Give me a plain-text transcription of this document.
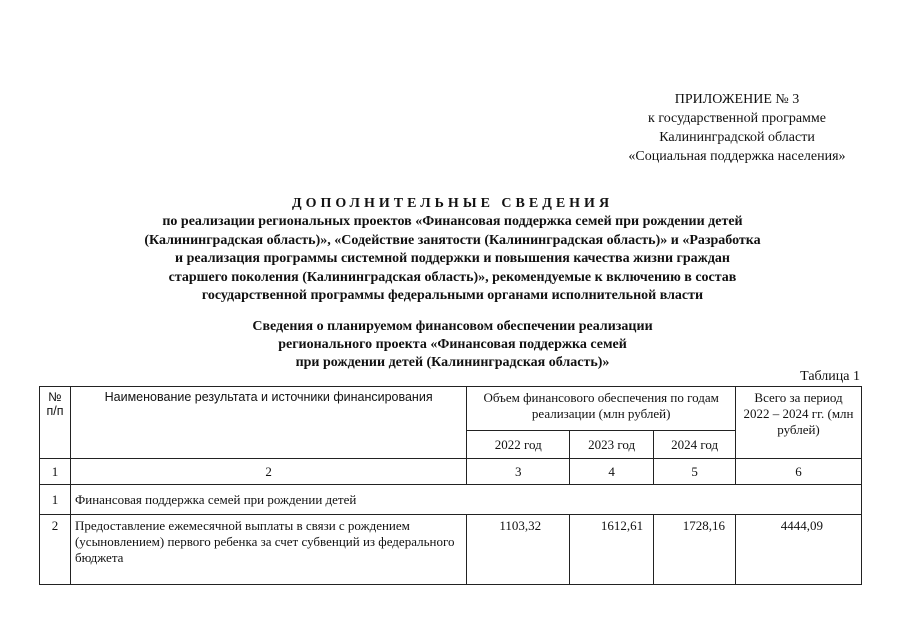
ПРИЛОЖЕНИЕ № 3
к государственной программе
Калининградской области
«Социальная поддержка населения»
ДОПОЛНИТЕЛЬНЫЕ СВЕДЕНИЯ
по реализации региональных проектов «Финансовая поддержка семей при рождении детей
(Калининградская область)», «Содействие занятости (Калининградская область)» и «Разработка
и реализация программы системной поддержки и повышения качества жизни граждан
старшего поколения (Калининградская область)», рекомендуемые к включению в состав
государственной программы федеральными органами исполнительной власти
Сведения о планируемом финансовом обеспечении реализации
регионального проекта «Финансовая поддержка семей
при рождении детей (Калининградская область)»
Таблица 1
№ п/п	Наименование результата и источники финансирования	Объем финансового обеспечения по годам реализации (млн рублей)			Всего за период 2022 – 2024 гг. (млн рублей)
		2022 год	2023 год	2024 год	
1	2	3	4	5	6
1	Финансовая поддержка семей при рождении детей				
2	Предоставление ежемесячной выплаты в связи с рождением (усыновлением) первого ребенка за счет субвенций из федерального бюджета	1103,32	1612,61	1728,16	4444,09
